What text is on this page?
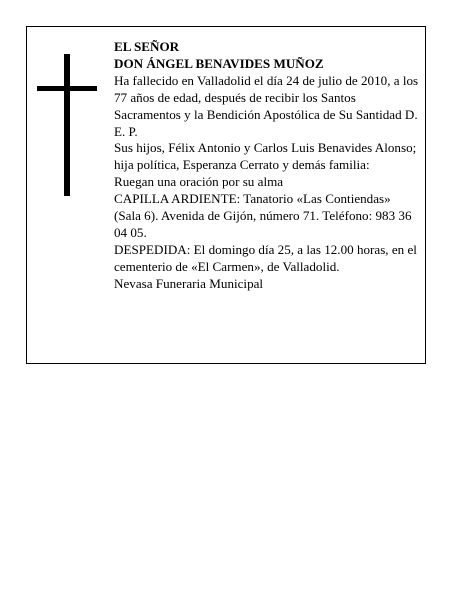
EL SEÑOR

DON ÁNGEL BENAVIDES MUÑOZ

Ha fallecido en Valladolid el día 24 de julio de 2010, a los 77 años de edad, después de recibir los Santos Sacramentos y la Bendición Apostólica de Su Santidad D. E. P.

Sus hijos, Félix Antonio y Carlos Luis Benavides Alonso; hija política, Esperanza Cerrato y demás familia:

Ruegan una oración por su alma

CAPILLA ARDIENTE: Tanatorio «Las Contiendas» (Sala 6). Avenida de Gijón, número 71. Teléfono: 983 36 04 05.

DESPEDIDA: El domingo día 25, a las 12.00 horas, en el cementerio de «El Carmen», de Valladolid.

Nevasa Funeraria Municipal
